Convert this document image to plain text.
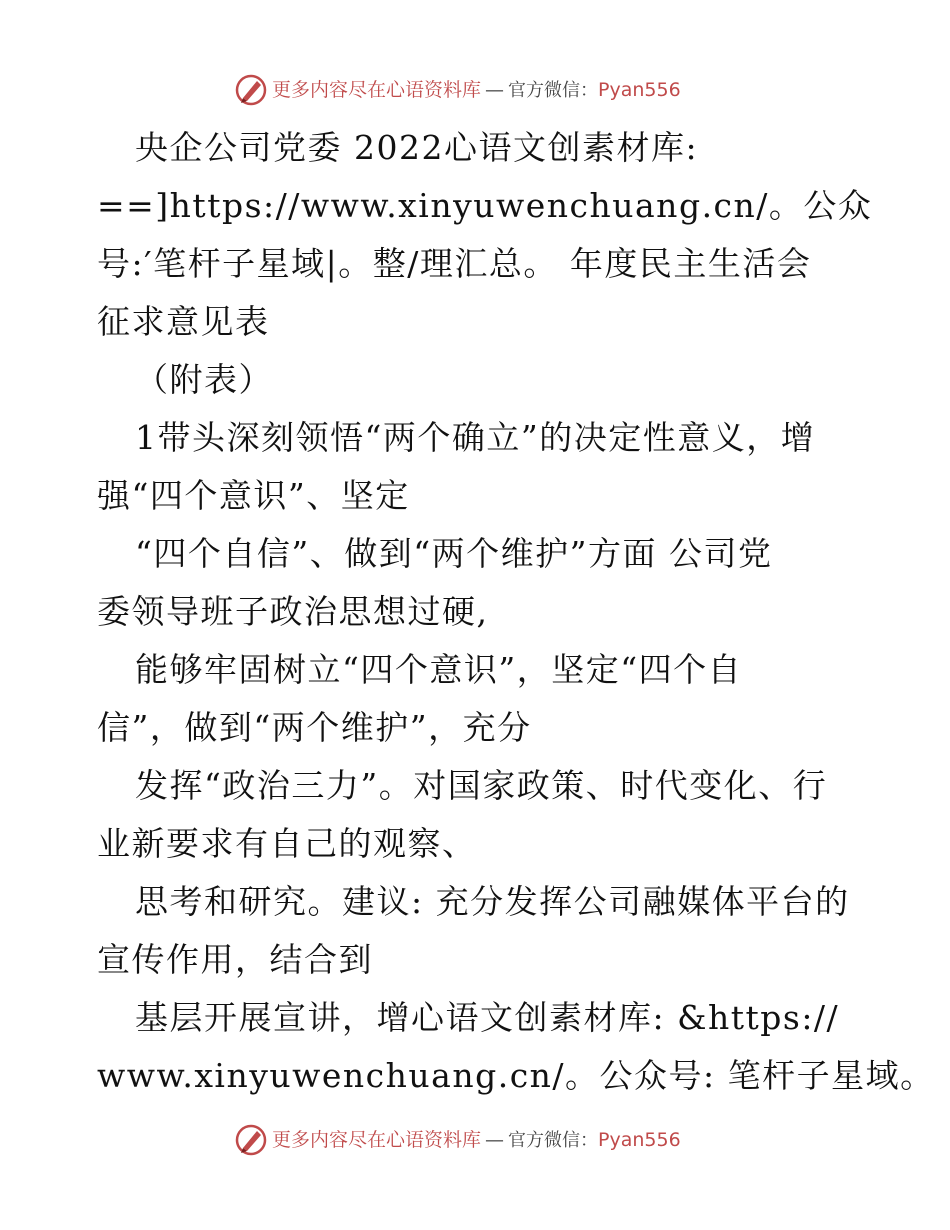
更多内容尽在心语资料库 — 官方微信：Pyan556
央企公司党委 2022心语文创素材库:
==]https://www.xinyuwenchuang.cn/。公众
号:′笔杆子星域|。整/理汇总。 年度民主生活会
征求意见表
（附表）
1带头深刻领悟“两个确立”的决定性意义，增
强“四个意识”、坚定
“四个自信”、做到“两个维护”方面 公司党
委领导班子政治思想过硬,
能够牢固树立“四个意识”，坚定“四个自
信”，做到“两个维护”，充分
发挥“政治三力”。对国家政策、时代变化、行
业新要求有自己的观察、
思考和研究。建议: 充分发挥公司融媒体平台的
宣传作用，结合到
基层开展宣讲，增心语文创素材库: &https://
www.xinyuwenchuang.cn/。公众号: 笔杆子星域。
更多内容尽在心语资料库 — 官方微信：Pyan556
